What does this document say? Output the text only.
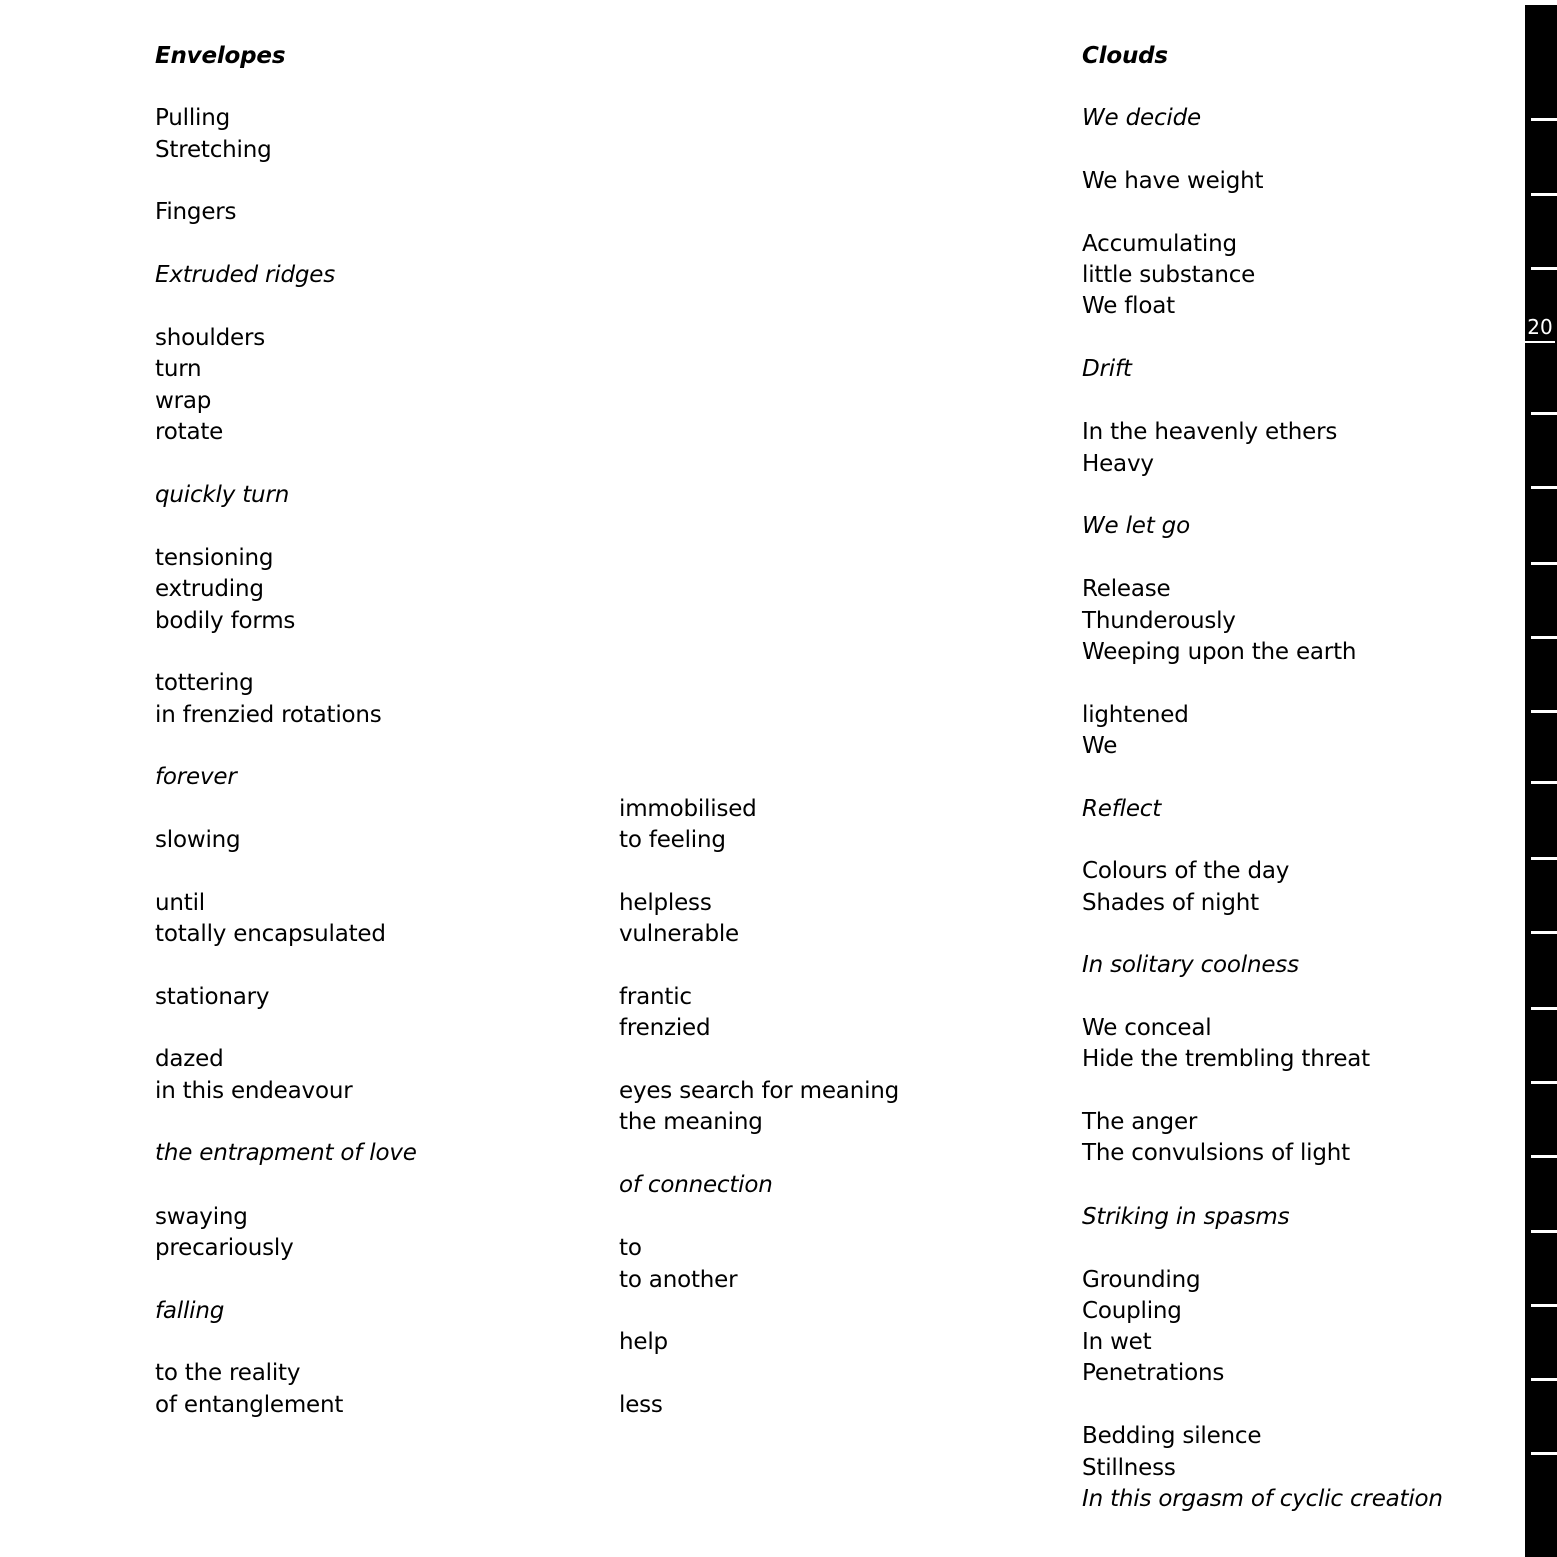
Envelopes
Pulling
Stretching
Fingers
Extruded ridges
shoulders
turn
wrap
rotate
quickly turn
tensioning
extruding
bodily forms
tottering
in frenzied rotations
forever
slowing
until
totally encapsulated
stationary
dazed
in this endeavour
the entrapment of love
swaying
precariously
falling
to the reality
of entanglement
immobilised
to feeling
helpless
vulnerable
frantic
frenzied
eyes search for meaning
the meaning
of connection
to
to another
help
less
Clouds
We decide
We have weight
Accumulating
little substance
We float
Drift
In the heavenly ethers
Heavy
We let go
Release
Thunderously
Weeping upon the earth
lightened
We
Reflect
Colours of the day
Shades of night
In solitary coolness
We conceal
Hide the trembling threat
The anger
The convulsions of light
Striking in spasms
Grounding
Coupling
In wet
Penetrations
Bedding silence
Stillness
In this orgasm of cyclic creation
20
